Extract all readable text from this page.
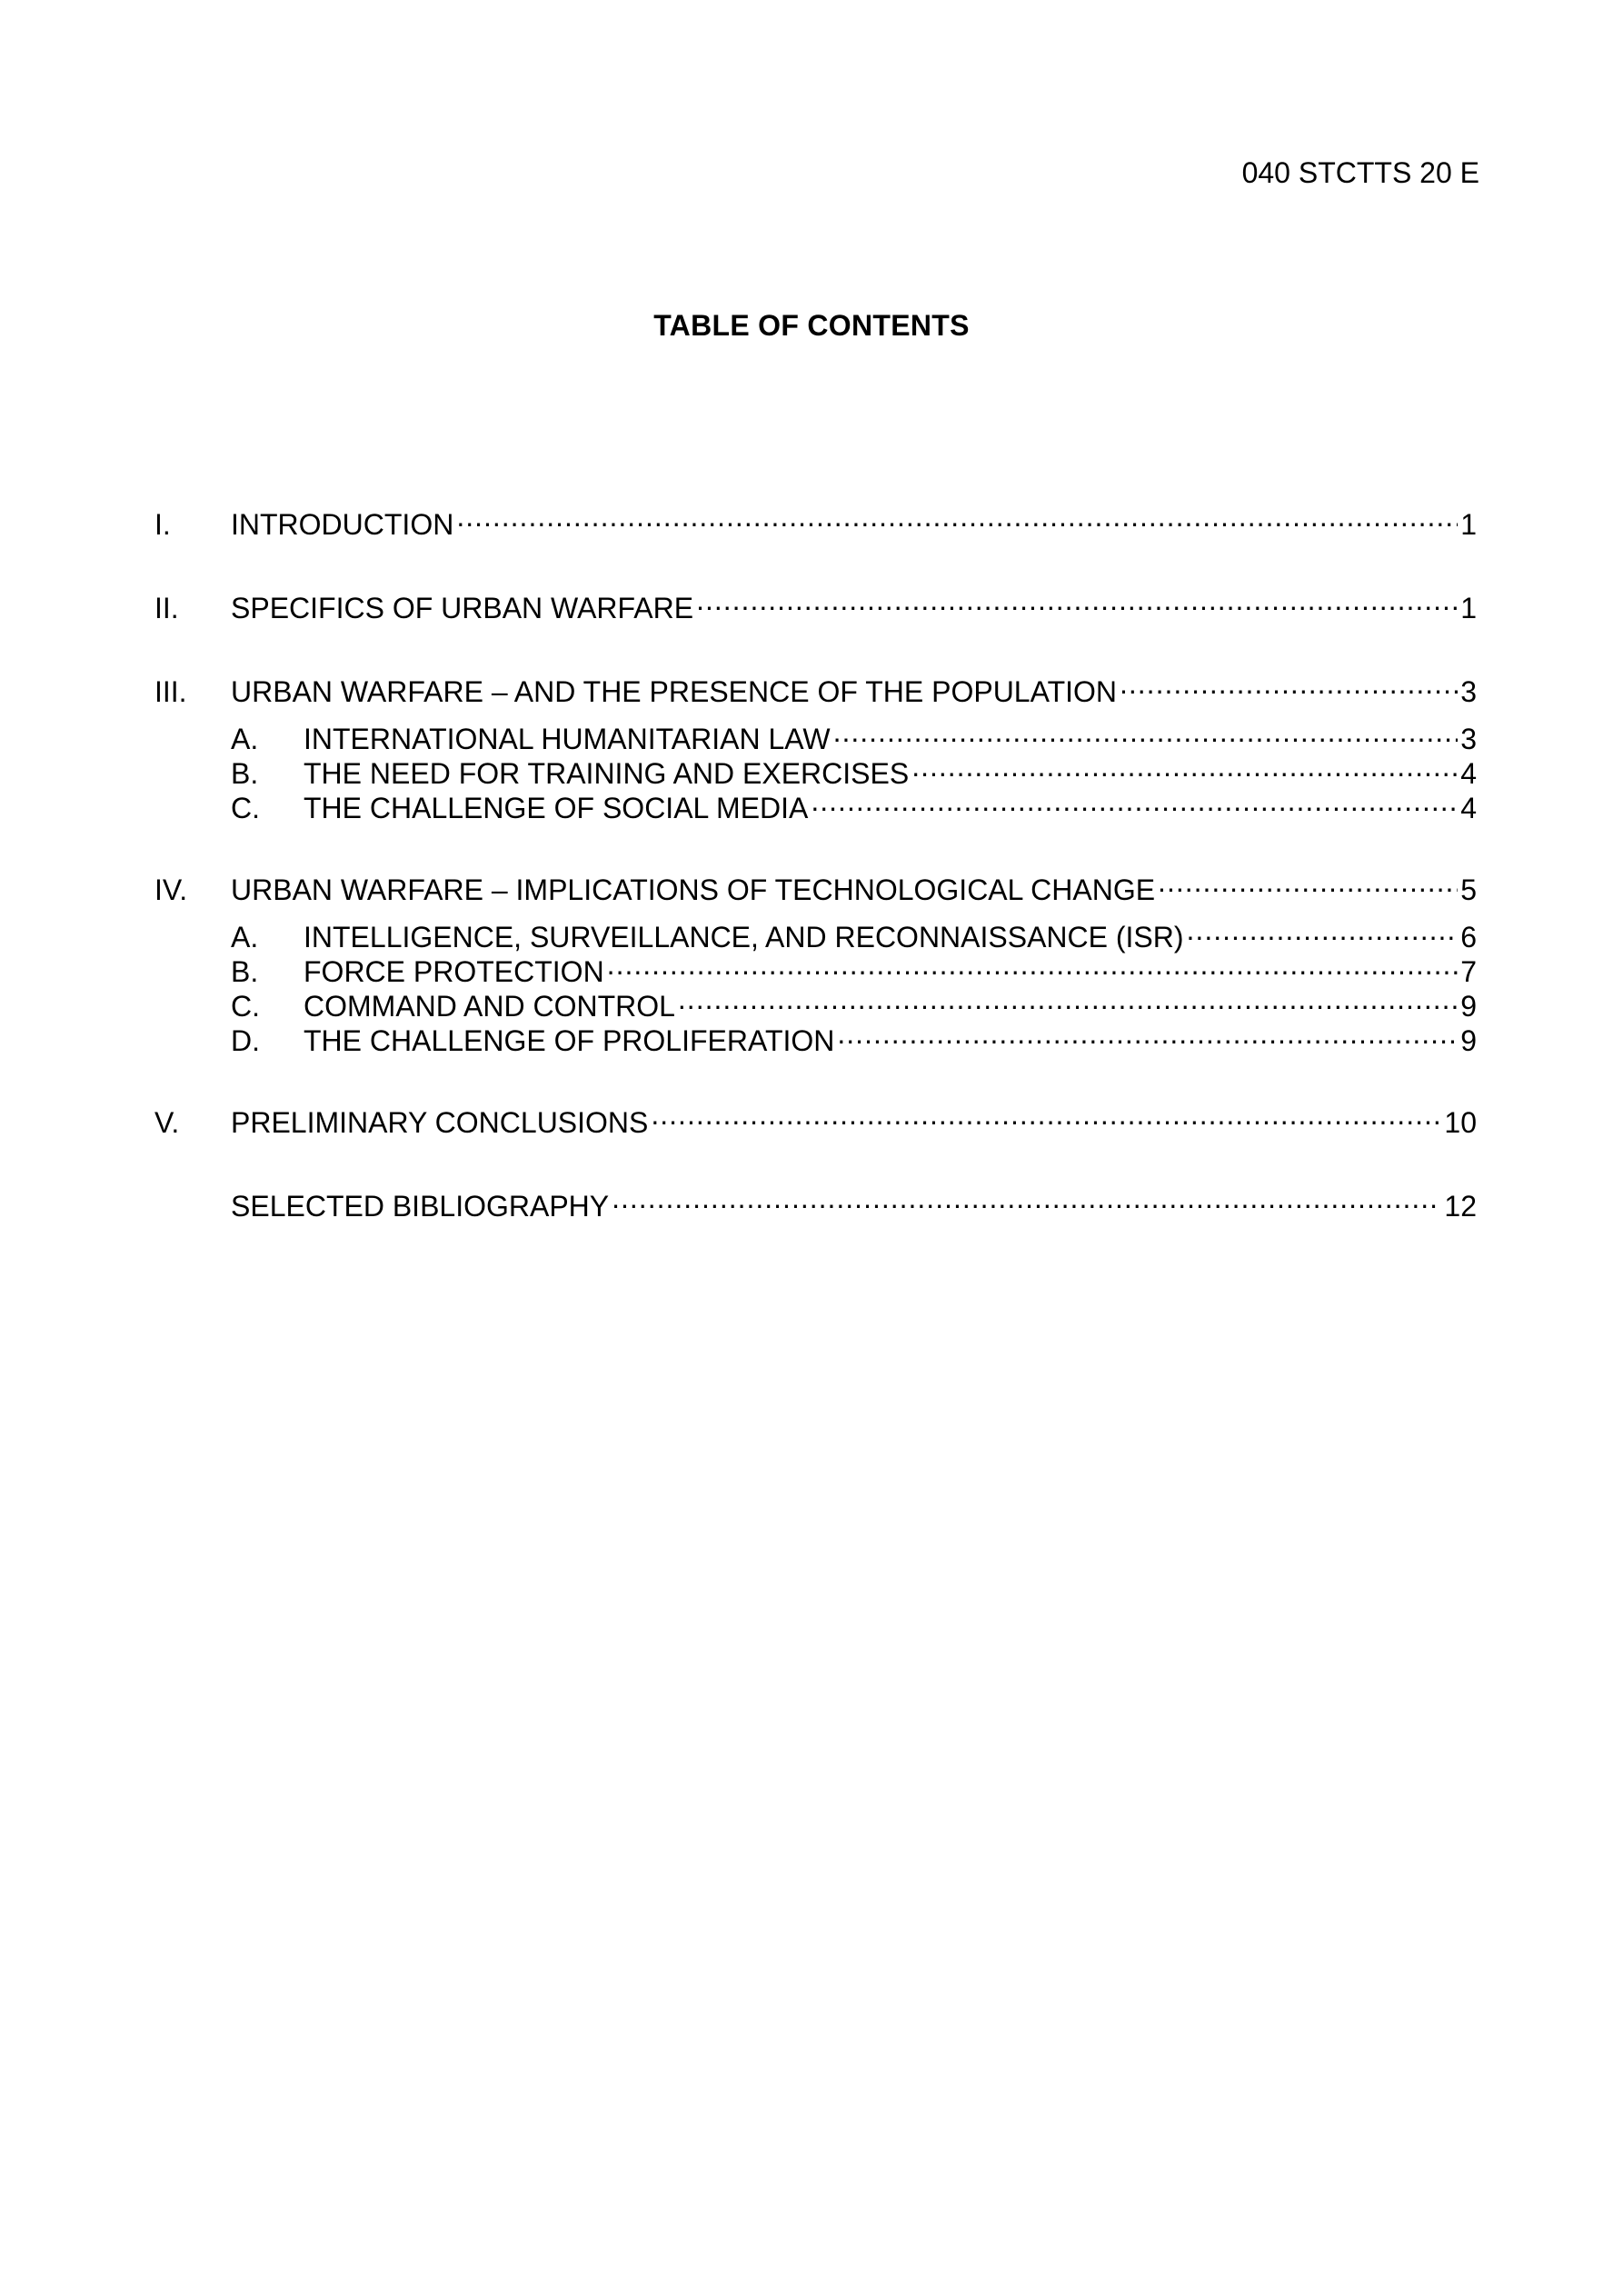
040 STCTTS 20 E
TABLE OF CONTENTS
I.	INTRODUCTION .....	1
II.	SPECIFICS OF URBAN WARFARE .....	1
III.	URBAN WARFARE – AND THE PRESENCE OF THE POPULATION .....	3
A.	INTERNATIONAL HUMANITARIAN LAW .....	3
B.	THE NEED FOR TRAINING AND EXERCISES .....	4
C.	THE CHALLENGE OF SOCIAL MEDIA .....	4
IV.	URBAN WARFARE – IMPLICATIONS OF TECHNOLOGICAL CHANGE .....	5
A.	INTELLIGENCE, SURVEILLANCE, AND RECONNAISSANCE (ISR) .....	6
B.	FORCE PROTECTION .....	7
C.	COMMAND AND CONTROL .....	9
D.	THE CHALLENGE OF PROLIFERATION .....	9
V.	PRELIMINARY CONCLUSIONS .....	10
SELECTED BIBLIOGRAPHY .....	12
